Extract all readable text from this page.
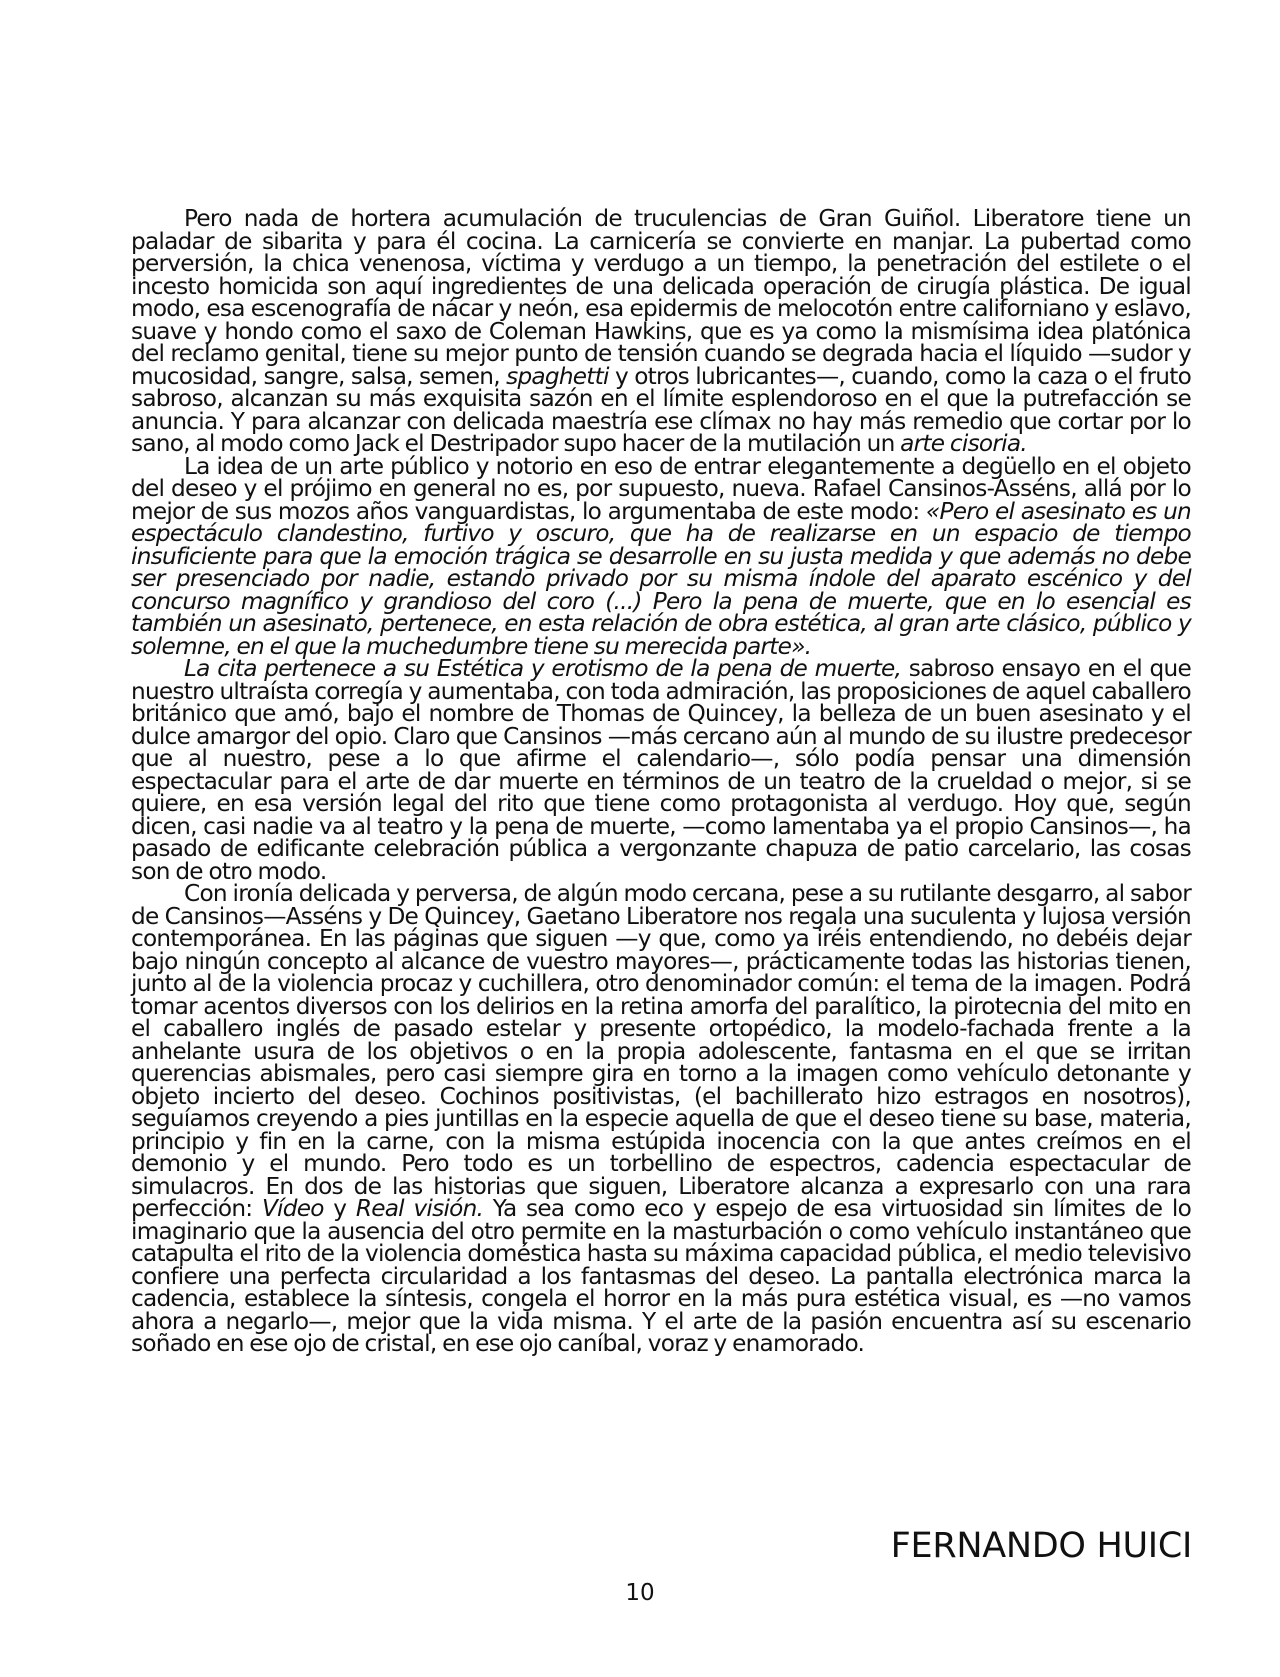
Pero nada de hortera acumulación de truculencias de Gran Guiñol. Liberatore tiene un paladar de sibarita y para él cocina. La carnicería se convierte en manjar. La pubertad como perversión, la chica venenosa, víctima y verdugo a un tiempo, la penetración del estilete o el incesto homicida son aquí ingredientes de una delicada operación de cirugía plástica. De igual modo, esa escenografía de nácar y neón, esa epidermis de melocotón entre californiano y eslavo, suave y hondo como el saxo de Coleman Hawkins, que es ya como la mismísima idea platónica del reclamo genital, tiene su mejor punto de tensión cuando se degrada hacia el líquido —sudor y mucosidad, sangre, salsa, semen, spaghetti y otros lubricantes—, cuando, como la caza o el fruto sabroso, alcanzan su más exquisita sazón en el límite esplendoroso en el que la putrefacción se anuncia. Y para alcanzar con delicada maestría ese clímax no hay más remedio que cortar por lo sano, al modo como Jack el Destripador supo hacer de la mutilación un arte cisoria.

La idea de un arte público y notorio en eso de entrar elegantemente a degüello en el objeto del deseo y el prójimo en general no es, por supuesto, nueva. Rafael Cansinos-Asséns, allá por lo mejor de sus mozos años vanguardistas, lo argumentaba de este modo: «Pero el asesinato es un espectáculo clandestino, furtivo y oscuro, que ha de realizarse en un espacio de tiempo insuficiente para que la emoción trágica se desarrolle en su justa medida y que además no debe ser presenciado por nadie, estando privado por su misma índole del aparato escénico y del concurso magnífico y grandioso del coro (...) Pero la pena de muerte, que en lo esencial es también un asesinato, pertenece, en esta relación de obra estética, al gran arte clásico, público y solemne, en el que la muchedumbre tiene su merecida parte».

La cita pertenece a su Estética y erotismo de la pena de muerte, sabroso ensayo en el que nuestro ultraísta corregía y aumentaba, con toda admiración, las proposiciones de aquel caballero británico que amó, bajo el nombre de Thomas de Quincey, la belleza de un buen asesinato y el dulce amargor del opio. Claro que Cansinos —más cercano aún al mundo de su ilustre predecesor que al nuestro, pese a lo que afirme el calendario—, sólo podía pensar una dimensión espectacular para el arte de dar muerte en términos de un teatro de la crueldad o mejor, si se quiere, en esa versión legal del rito que tiene como protagonista al verdugo. Hoy que, según dicen, casi nadie va al teatro y la pena de muerte, —como lamentaba ya el propio Cansinos—, ha pasado de edificante celebración pública a vergonzante chapuza de patio carcelario, las cosas son de otro modo.

Con ironía delicada y perversa, de algún modo cercana, pese a su rutilante desgarro, al sabor de Cansinos—Asséns y De Quincey, Gaetano Liberatore nos regala una suculenta y lujosa versión contemporánea. En las páginas que siguen —y que, como ya iréis entendiendo, no debéis dejar bajo ningún concepto al alcance de vuestro mayores—, prácticamente todas las historias tienen, junto al de la violencia procaz y cuchillera, otro denominador común: el tema de la imagen. Podrá tomar acentos diversos con los delirios en la retina amorfa del paralítico, la pirotecnia del mito en el caballero inglés de pasado estelar y presente ortopédico, la modelo-fachada frente a la anhelante usura de los objetivos o en la propia adolescente, fantasma en el que se irritan querencias abismales, pero casi siempre gira en torno a la imagen como vehículo detonante y objeto incierto del deseo. Cochinos positivistas, (el bachillerato hizo estragos en nosotros), seguíamos creyendo a pies juntillas en la especie aquella de que el deseo tiene su base, materia, principio y fin en la carne, con la misma estúpida inocencia con la que antes creímos en el demonio y el mundo. Pero todo es un torbellino de espectros, cadencia espectacular de simulacros. En dos de las historias que siguen, Liberatore alcanza a expresarlo con una rara perfección: Vídeo y Real visión. Ya sea como eco y espejo de esa virtuosidad sin límites de lo imaginario que la ausencia del otro permite en la masturbación o como vehículo instantáneo que catapulta el rito de la violencia doméstica hasta su máxima capacidad pública, el medio televisivo confiere una perfecta circularidad a los fantasmas del deseo. La pantalla electrónica marca la cadencia, establece la síntesis, congela el horror en la más pura estética visual, es —no vamos ahora a negarlo—, mejor que la vida misma. Y el arte de la pasión encuentra así su escenario soñado en ese ojo de cristal, en ese ojo caníbal, voraz y enamorado.

FERNANDO HUICI
10
